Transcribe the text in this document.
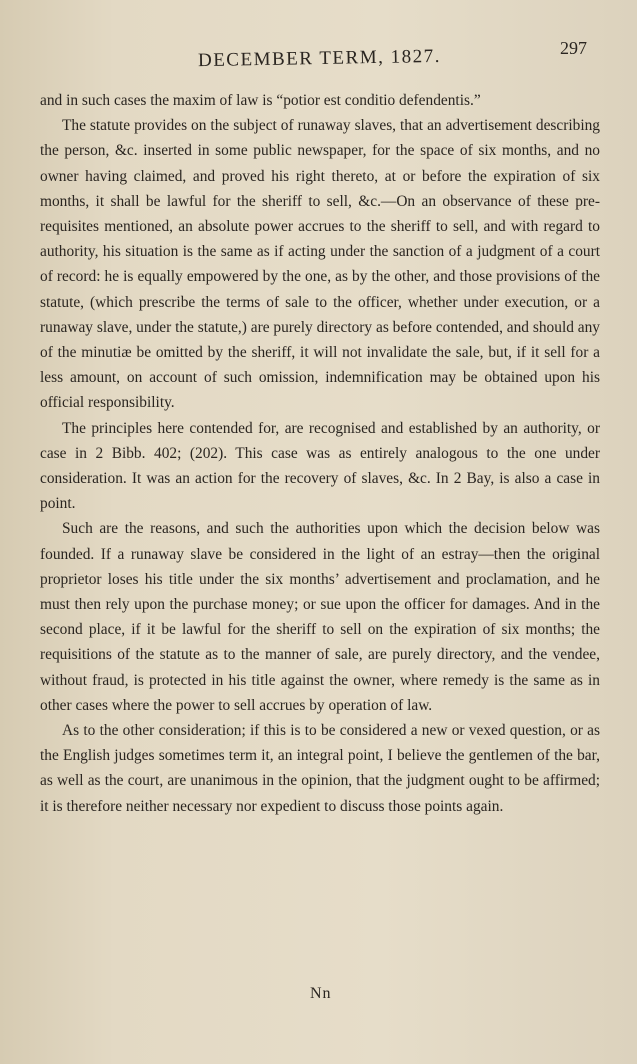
DECEMBER TERM, 1827.	297

and in such cases the maxim of law is “potior est conditio defendentis.”

The statute provides on the subject of runaway slaves, that an advertisement describing the person, &c. inserted in some public newspaper, for the space of six months, and no owner having claimed, and proved his right thereto, at or before the expiration of six months, it shall be lawful for the sheriff to sell, &c.—On an observance of these pre-requisites mentioned, an absolute power accrues to the sheriff to sell, and with regard to authority, his situation is the same as if acting under the sanction of a judgment of a court of record: he is equally empowered by the one, as by the other, and those provisions of the statute, (which prescribe the terms of sale to the officer, whether under execution, or a runaway slave, under the statute,) are purely directory as before contended, and should any of the minutiæ be omitted by the sheriff, it will not invalidate the sale, but, if it sell for a less amount, on account of such omission, indemnification may be obtained upon his official responsibility.

The principles here contended for, are recognised and established by an authority, or case in 2 Bibb. 402; (202). This case was as entirely analogous to the one under consideration. It was an action for the recovery of slaves, &c. In 2 Bay, is also a case in point.

Such are the reasons, and such the authorities upon which the decision below was founded. If a runaway slave be considered in the light of an estray—then the original proprietor loses his title under the six months’ advertisement and proclamation, and he must then rely upon the purchase money; or sue upon the officer for damages. And in the second place, if it be lawful for the sheriff to sell on the expiration of six months; the requisitions of the statute as to the manner of sale, are purely directory, and the vendee, without fraud, is protected in his title against the owner, where remedy is the same as in other cases where the power to sell accrues by operation of law.

As to the other consideration; if this is to be considered a new or vexed question, or as the English judges sometimes term it, an integral point, I believe the gentlemen of the bar, as well as the court, are unanimous in the opinion, that the judgment ought to be affirmed; it is therefore neither necessary nor expedient to discuss those points again.

Nn
